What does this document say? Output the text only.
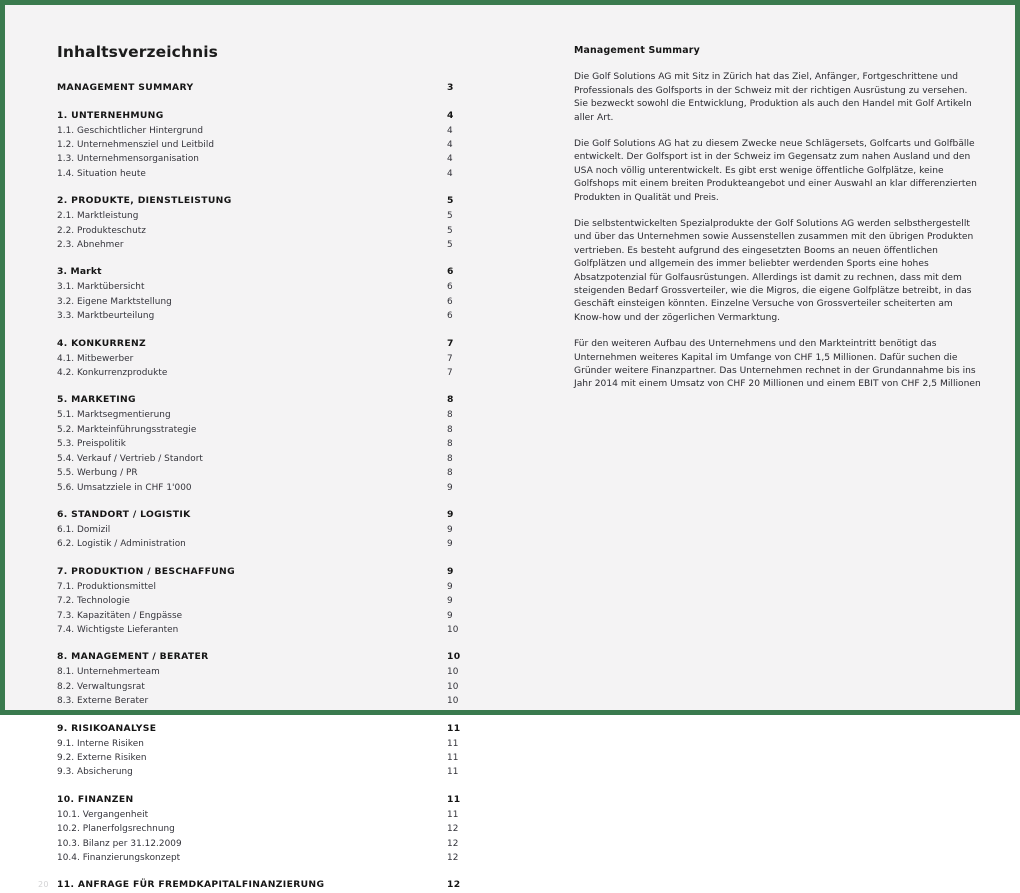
Inhaltsverzeichnis
MANAGEMENT SUMMARY	3
1. UNTERNEHMUNG	4
1.1. Geschichtlicher Hintergrund	4
1.2. Unternehmensziel und Leitbild	4
1.3. Unternehmensorganisation	4
1.4. Situation heute	4
2. PRODUKTE, DIENSTLEISTUNG	5
2.1. Marktleistung	5
2.2. Produkteschutz	5
2.3. Abnehmer	5
3. Markt	6
3.1. Marktübersicht	6
3.2. Eigene Marktstellung	6
3.3. Marktbeurteilung	6
4. KONKURRENZ	7
4.1. Mitbewerber	7
4.2. Konkurrenzprodukte	7
5. MARKETING	8
5.1. Marktsegmentierung	8
5.2. Markteinführungsstrategie	8
5.3. Preispolitik	8
5.4. Verkauf / Vertrieb / Standort	8
5.5. Werbung / PR	8
5.6. Umsatzziele in CHF 1'000	9
6. STANDORT / LOGISTIK	9
6.1. Domizil	9
6.2. Logistik / Administration	9
7. PRODUKTION / BESCHAFFUNG	9
7.1. Produktionsmittel	9
7.2. Technologie	9
7.3. Kapazitäten / Engpässe	9
7.4. Wichtigste Lieferanten	10
8. MANAGEMENT / BERATER	10
8.1. Unternehmerteam	10
8.2. Verwaltungsrat	10
8.3. Externe Berater	10
9. RISIKOANALYSE	11
9.1. Interne Risiken	11
9.2. Externe Risiken	11
9.3. Absicherung	11
10. FINANZEN	11
10.1. Vergangenheit	11
10.2. Planerfolgsrechnung	12
10.3. Bilanz per 31.12.2009	12
10.4. Finanzierungskonzept	12
20 11. ANFRAGE FÜR FREMDKAPITALFINANZIERUNG	12
Management Summary

Die Golf Solutions AG mit Sitz in Zürich hat das Ziel, Anfänger, Fortgeschrittene und Professionals des Golfsports in der Schweiz mit der richtigen Ausrüstung zu versehen. Sie bezweckt sowohl die Entwicklung, Produktion als auch den Handel mit Golf Artikeln aller Art.

Die Golf Solutions AG hat zu diesem Zwecke neue Schlägersets, Golfcarts und Golfbälle entwickelt. Der Golfsport ist in der Schweiz im Gegensatz zum nahen Ausland und den USA noch völlig unterentwickelt. Es gibt erst wenige öffentliche Golfplätze, keine Golfshops mit einem breiten Produkteangebot und einer Auswahl an klar differenzierten Produkten in Qualität und Preis.

Die selbstentwickelten Spezialprodukte der Golf Solutions AG werden selbsthergestellt und über das Unternehmen sowie Aussenstellen zusammen mit den übrigen Produkten vertrieben. Es besteht aufgrund des eingesetzten Booms an neuen öffentlichen Golfplätzen und allgemein des immer beliebter werdenden Sports eine hohes Absatzpotenzial für Golfausrüstungen. Allerdings ist damit zu rechnen, dass mit dem steigenden Bedarf Grossverteiler, wie die Migros, die eigene Golfplätze betreibt, in das Geschäft einsteigen könnten. Einzelne Versuche von Grossverteiler scheiterten am Know-how und der zögerlichen Vermarktung.

Für den weiteren Aufbau des Unternehmens und den Markteintritt benötigt das Unternehmen weiteres Kapital im Umfange von CHF 1,5 Millionen. Dafür suchen die Gründer weitere Finanzpartner. Das Unternehmen rechnet in der Grundannahme bis ins Jahr 2014 mit einem Umsatz von CHF 20 Millionen und einem EBIT von CHF 2,5 Millionen
